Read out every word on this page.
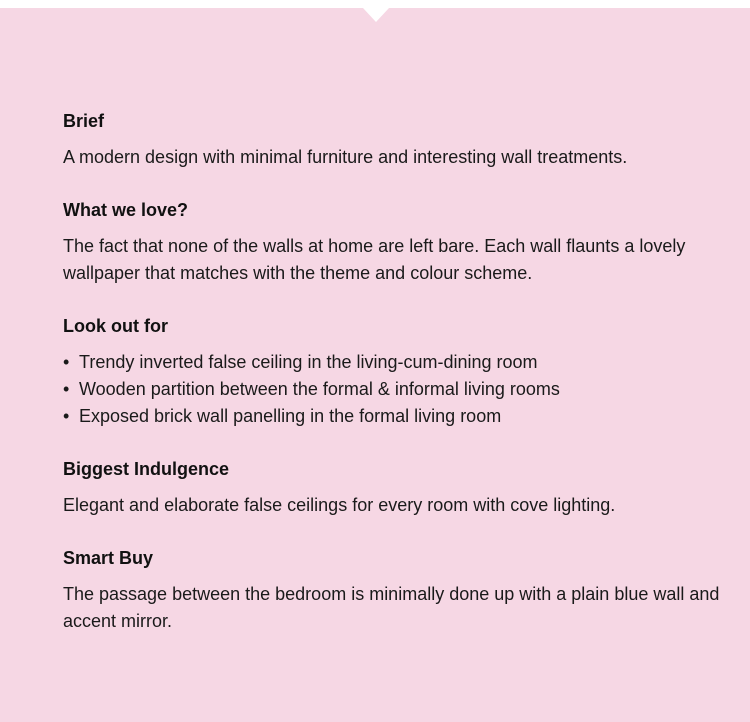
Brief

A modern design with minimal furniture and interesting wall treatments.

What we love?

The fact that none of the walls at home are left bare. Each wall flaunts a lovely wallpaper that matches with the theme and colour scheme.

Look out for
• Trendy inverted false ceiling in the living-cum-dining room
• Wooden partition between the formal & informal living rooms
• Exposed brick wall panelling in the formal living room
Biggest Indulgence

Elegant and elaborate false ceilings for every room with cove lighting.

Smart Buy

The passage between the bedroom is minimally done up with a plain blue wall and accent mirror.
